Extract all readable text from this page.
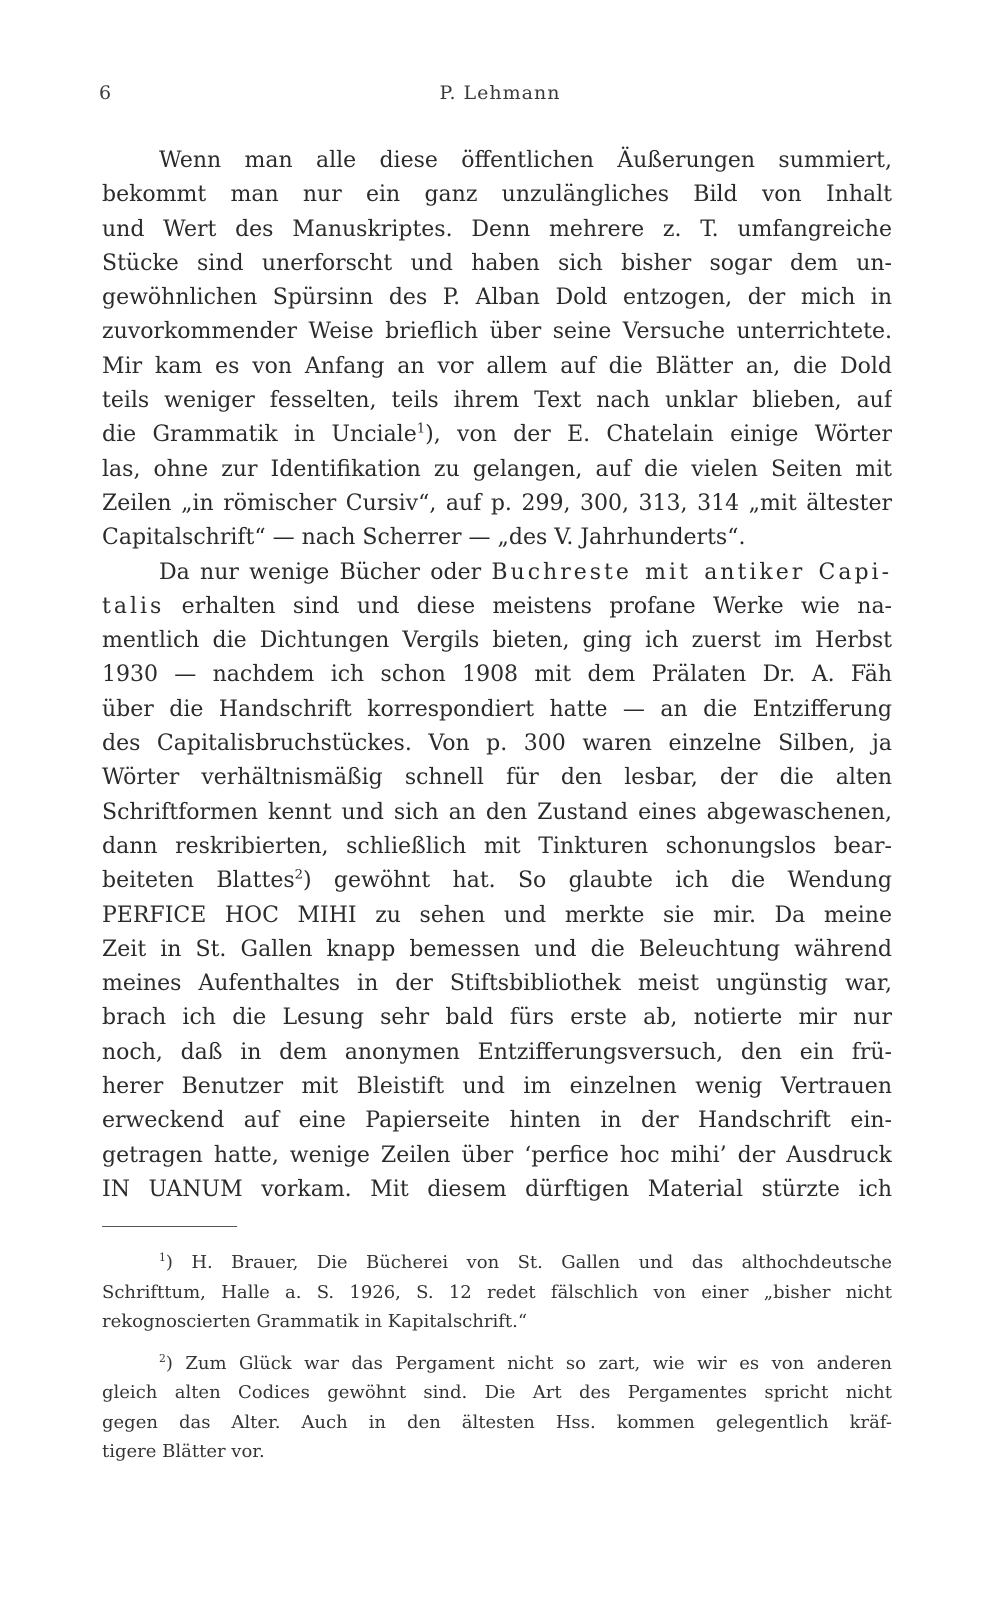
6	P. Lehmann
Wenn man alle diese öffentlichen Äußerungen summiert,
bekommt man nur ein ganz unzulängliches Bild von Inhalt
und Wert des Manuskriptes. Denn mehrere z. T. umfangreiche
Stücke sind unerforscht und haben sich bisher sogar dem un-
gewöhnlichen Spürsinn des P. Alban Dold entzogen, der mich in
zuvorkommender Weise brieflich über seine Versuche unterrichtete.
Mir kam es von Anfang an vor allem auf die Blätter an, die Dold
teils weniger fesselten, teils ihrem Text nach unklar blieben, auf
die Grammatik in Unciale$^1$), von der E. Chatelain einige Wörter
las, ohne zur Identifikation zu gelangen, auf die vielen Seiten mit
Zeilen „in römischer Cursiv“, auf p. 299, 300, 313, 314 „mit ältester
Capitalschrift“ — nach Scherrer — „des V. Jahrhunderts“.
Da nur wenige Bücher oder Buchreste mit antiker Capi-
talis erhalten sind und diese meistens profane Werke wie na-
mentlich die Dichtungen Vergils bieten, ging ich zuerst im Herbst
1930 — nachdem ich schon 1908 mit dem Prälaten Dr. A. Fäh
über die Handschrift korrespondiert hatte — an die Entzifferung
des Capitalisbruchstückes. Von p. 300 waren einzelne Silben, ja
Wörter verhältnismäßig schnell für den lesbar, der die alten
Schriftformen kennt und sich an den Zustand eines abgewaschenen,
dann reskribierten, schließlich mit Tinkturen schonungslos bear-
beiteten Blattes$^2$) gewöhnt hat. So glaubte ich die Wendung
PERFICE HOC MIHI zu sehen und merkte sie mir. Da meine
Zeit in St. Gallen knapp bemessen und die Beleuchtung während
meines Aufenthaltes in der Stiftsbibliothek meist ungünstig war,
brach ich die Lesung sehr bald fürs erste ab, notierte mir nur
noch, daß in dem anonymen Entzifferungsversuch, den ein frü-
herer Benutzer mit Bleistift und im einzelnen wenig Vertrauen
erweckend auf eine Papierseite hinten in der Handschrift ein-
getragen hatte, wenige Zeilen über ‘perfice hoc mihi’ der Ausdruck
IN UANUM vorkam. Mit diesem dürftigen Material stürzte ich
$^1$) H. Brauer, Die Bücherei von St. Gallen und das althochdeutsche
Schrifttum, Halle a. S. 1926, S. 12 redet fälschlich von einer „bisher nicht
rekognoscierten Grammatik in Kapitalschrift.“
$^2$) Zum Glück war das Pergament nicht so zart, wie wir es von anderen
gleich alten Codices gewöhnt sind. Die Art des Pergamentes spricht nicht
gegen das Alter. Auch in den ältesten Hss. kommen gelegentlich kräf-
tigere Blätter vor.
